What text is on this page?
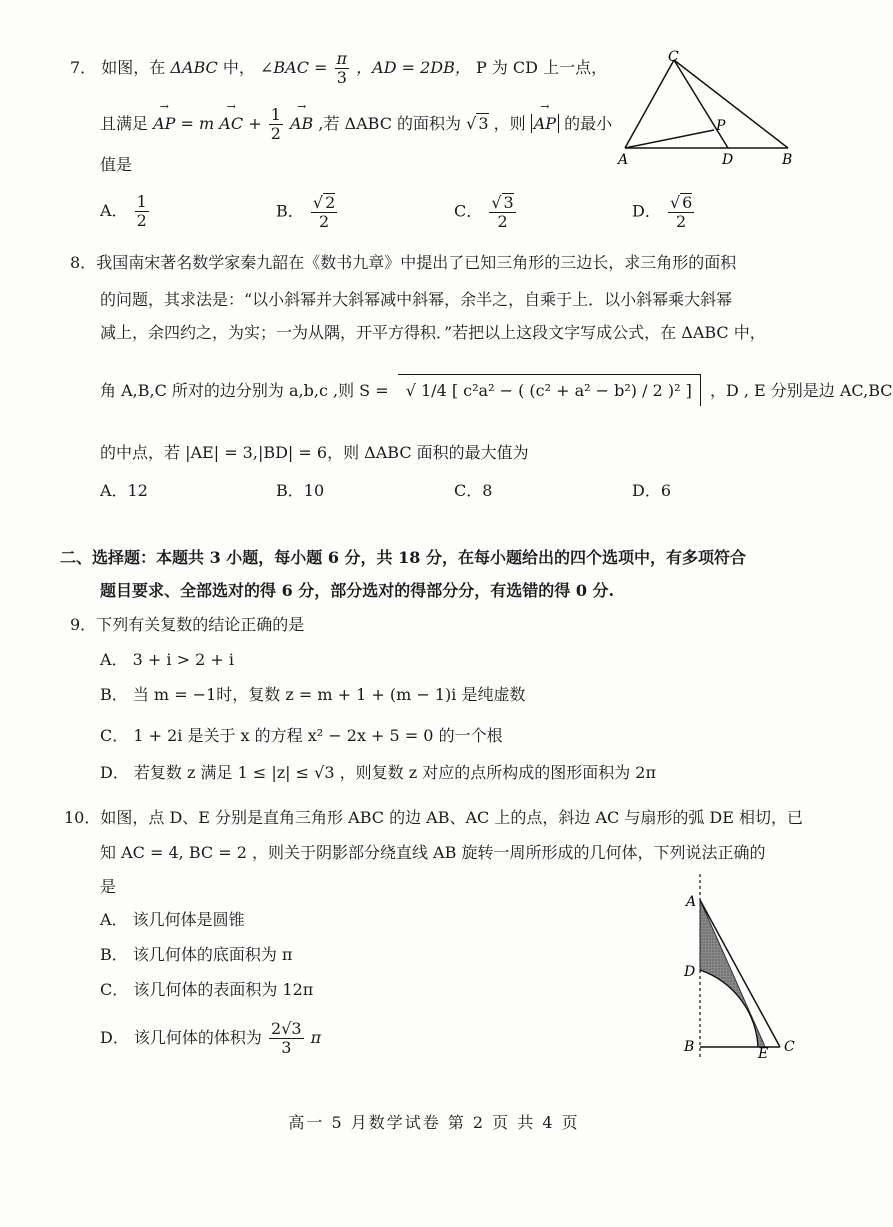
7． 如图，在 ΔABC 中， ∠BAC = $\frac{\pi}{3}$ ，AD = 2DB， P 为 CD 上一点，
且满足 → AP = m → AC + $\frac{1}{2}$ → AB ,若 ΔABC 的面积为 √ 3 ，则 → AP 的最小
值是
A． $\frac{1}{2}$	B． √ $\frac{2}{2}$	C． √ $\frac{3}{2}$	D． √ $\frac{6}{2}$
C
P
A	D	B
8．我国南宋著名数学家秦九韶在《数书九章》中提出了已知三角形的三边长，求三角形的面积
的问题，其求法是：“以小斜幂并大斜幂减中斜幂，余半之，自乘于上．以小斜幂乘大斜幂
减上，余四约之，为实；一为从隅，开平方得积．”若把以上这段文字写成公式，在 ΔABC 中，
角 A,B,C 所对的边分别为 a,b,c ,则 S = √ 1/4 [ c²a² − ( (c² + a² − b²) / 2 )² ] ，D , E 分别是边 AC,BC
的中点，若 |AE| = 3,|BD| = 6，则 ΔABC 面积的最大值为
A．12	B．10	C．8	D．6
二、选择题：本题共 3 小题，每小题 6 分，共 18 分，在每小题给出的四个选项中，有多项符合
题目要求、全部选对的得 6 分，部分选对的得部分分，有选错的得 0 分.
9．下列有关复数的结论正确的是
A． 3 + i > 2 + i
B． 当 m = −1时，复数 z = m + 1 + (m − 1)i 是纯虚数
C． 1 + 2i 是关于 x 的方程 x² − 2x + 5 = 0 的一个根
D． 若复数 z 满足 1 ≤ |z| ≤ √3 ，则复数 z 对应的点所构成的图形面积为 2π
10．如图，点 D、E 分别是直角三角形 ABC 的边 AB、AC 上的点，斜边 AC 与扇形的弧 DE 相切，已
知 AC = 4, BC = 2 ，则关于阴影部分绕直线 AB 旋转一周所形成的几何体，下列说法正确的
是
A． 该几何体是圆锥
B． 该几何体的底面积为 π
C． 该几何体的表面积为 12π
D． 该几何体的体积为 $\frac{2√3}{3}$ π
A
D
B	E C
高一 5 月数学试卷 第 2 页 共 4 页
